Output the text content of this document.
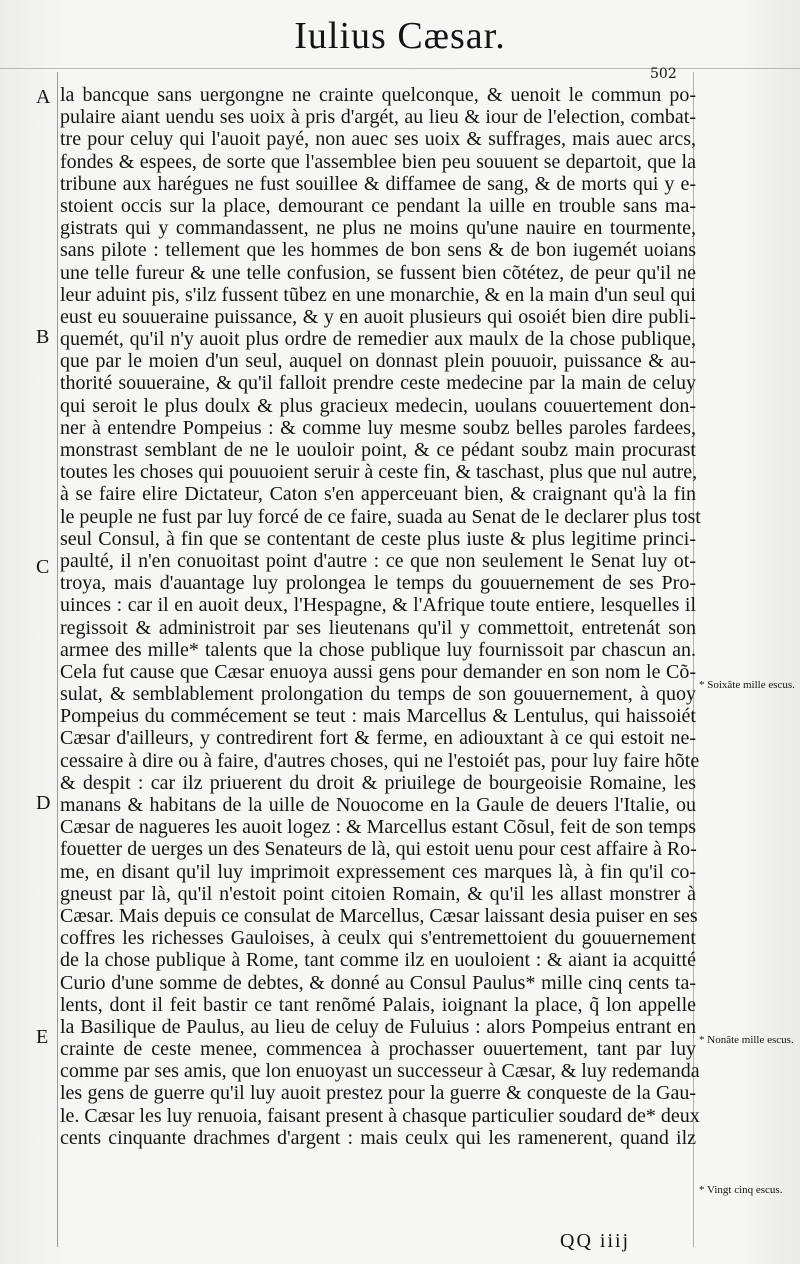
Iulius Cæsar.
502
A
B
C
D
E
la bancque sans uergongne ne crainte quelconque, & uenoit le commun po-
pulaire aiant uendu ses uoix à pris d'argét, au lieu & iour de l'election, combat-
tre pour celuy qui l'auoit payé, non auec ses uoix & suffrages, mais auec arcs,
fondes & espees, de sorte que l'assemblee bien peu souuent se departoit, que la
tribune aux harégues ne fust souillee & diffamee de sang, & de morts qui y e-
stoient occis sur la place, demourant ce pendant la uille en trouble sans ma-
gistrats qui y commandassent, ne plus ne moins qu'une nauire en tourmente,
sans pilote : tellement que les hommes de bon sens & de bon iugemét uoians
une telle fureur & une telle confusion, se fussent bien cõtétez, de peur qu'il ne
leur aduint pis, s'ilz fussent tũbez en une monarchie, & en la main d'un seul qui
eust eu souueraine puissance, & y en auoit plusieurs qui osoiét bien dire publi-
quemét, qu'il n'y auoit plus ordre de remedier aux maulx de la chose publique,
que par le moien d'un seul, auquel on donnast plein pouuoir, puissance & au-
thorité souueraine, & qu'il falloit prendre ceste medecine par la main de celuy
qui seroit le plus doulx & plus gracieux medecin, uoulans couuertement don-
ner à entendre Pompeius : & comme luy mesme soubz belles paroles fardees,
monstrast semblant de ne le uouloir point, & ce pédant soubz main procurast
toutes les choses qui pouuoient seruir à ceste fin, & taschast, plus que nul autre,
à se faire elire Dictateur, Caton s'en apperceuant bien, & craignant qu'à la fin
le peuple ne fust par luy forcé de ce faire, suada au Senat de le declarer plus tost
seul Consul, à fin que se contentant de ceste plus iuste & plus legitime princi-
paulté, il n'en conuoitast point d'autre : ce que non seulement le Senat luy ot-
troya, mais d'auantage luy prolongea le temps du gouuernement de ses Pro-
uinces : car il en auoit deux, l'Hespagne, & l'Afrique toute entiere, lesquelles il
regissoit & administroit par ses lieutenans qu'il y commettoit, entretenát son
armee des mille* talents que la chose publique luy fournissoit par chascun an.
Cela fut cause que Cæsar enuoya aussi gens pour demander en son nom le Cõ-
sulat, & semblablement prolongation du temps de son gouuernement, à quoy
Pompeius du commécement se teut : mais Marcellus & Lentulus, qui haissoiét
Cæsar d'ailleurs, y contredirent fort & ferme, en adiouxtant à ce qui estoit ne-
cessaire à dire ou à faire, d'autres choses, qui ne l'estoiét pas, pour luy faire hõte
& despit : car ilz priuerent du droit & priuilege de bourgeoisie Romaine, les
manans & habitans de la uille de Nouocome en la Gaule de deuers l'Italie, ou
Cæsar de nagueres les auoit logez : & Marcellus estant Cõsul, feit de son temps
fouetter de uerges un des Senateurs de là, qui estoit uenu pour cest affaire à Ro-
me, en disant qu'il luy imprimoit expressement ces marques là, à fin qu'il co-
gneust par là, qu'il n'estoit point citoien Romain, & qu'il les allast monstrer à
Cæsar. Mais depuis ce consulat de Marcellus, Cæsar laissant desia puiser en ses
coffres les richesses Gauloises, à ceulx qui s'entremettoient du gouuernement
de la chose publique à Rome, tant comme ilz en uouloient : & aiant ia acquitté
Curio d'une somme de debtes, & donné au Consul Paulus* mille cinq cents ta-
lents, dont il feit bastir ce tant renõmé Palais, ioignant la place, q̃ lon appelle
la Basilique de Paulus, au lieu de celuy de Fuluius : alors Pompeius entrant en
crainte de ceste menee, commencea à prochasser ouuertement, tant par luy
comme par ses amis, que lon enuoyast un successeur à Cæsar, & luy redemanda
les gens de guerre qu'il luy auoit prestez pour la guerre & conqueste de la Gau-
le. Cæsar les luy renuoia, faisant present à chasque particulier soudard de* deux
cents cinquante drachmes d'argent : mais ceulx qui les ramenerent, quand ilz
* Soixãte mille escus.
* Nonãte mille escus.
* Vingt cinq escus.
QQ iiij
